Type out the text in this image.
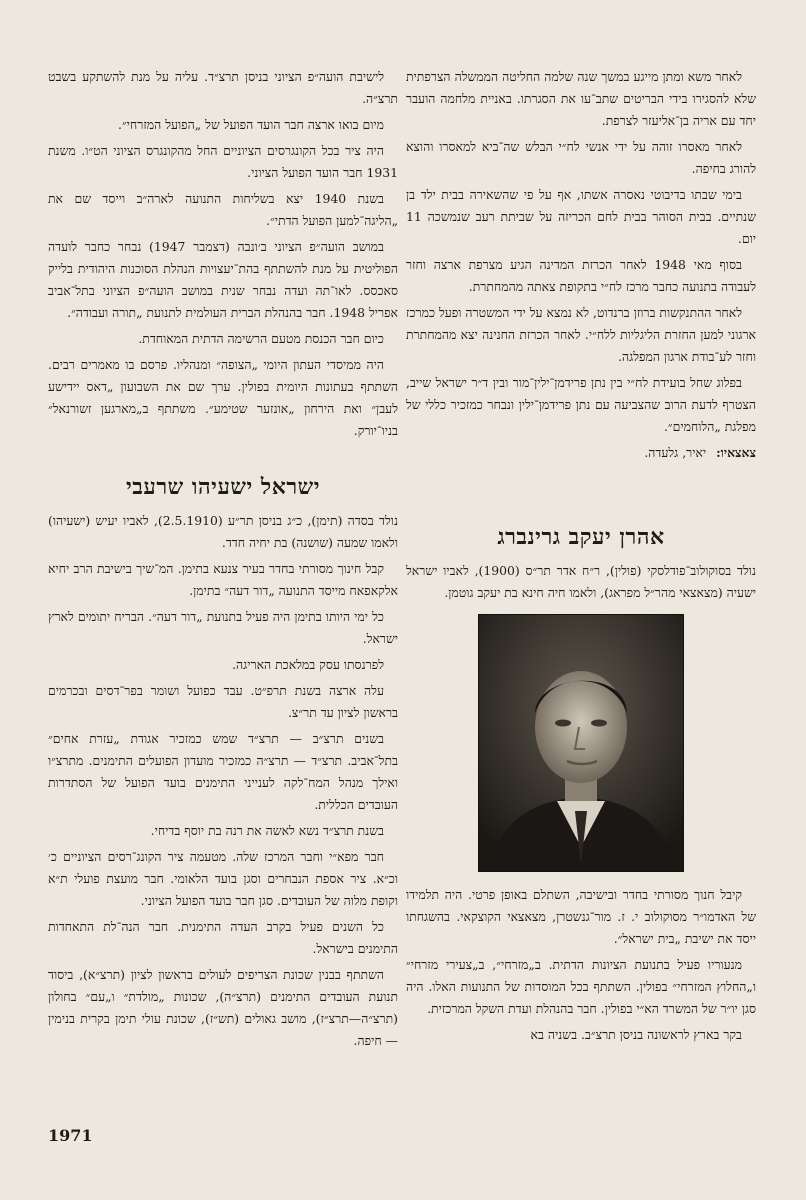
לאחר משא ומתן מייגע במשך שנה שלמה החליטה הממשלה הצרפתית שלא להסגירו בידי הבריטים שתב־עו את הסגרתו. באניית מלחמה הועבר יחד עם אריה בן־אליעזר לצרפת.

לאחר מאסרו זוהה על ידי אנשי לח״י הבלש שה־ביא למאסרו והוצא להורג בחיפה.

בימי שבתו בדיבוטי נאסרה אשתו, אף על פי שהשאירה בבית ילד בן שנתיים. בבית הסוהר בבית לחם הכריזה על שביתת רעב שנמשכה 11 יום.

בסוף מאי 1948 לאחר הכרזת המדינה הגיע מצרפת ארצה וחזר לעבודה בתנועה כחבר מרכז לח״י בתקופת צאתה מהמחתרת.

לאחר ההתנקשות ברוזן ברנדוט, לא נמצא על ידי המשטרה ופעל כמרכז ארגוני למען החזרת הליגליות ללח״י. לאחר הכרזת החנינה יצא מהמחתרת וחזר לע־בודת ארגון המפלגה.

בפלוג שחל בועידת לח״י בין נתן פרידמן־ילין־מור ובין ד״ר ישראל שייב, הצטרף לדעת הרוב שהצביעה עם נתן פרידמן־ילין ונבחר כמזכיר כללי של מפלגת „הלוחמים״.

צאצאיו: יאיר, גלעדה.

אהרן יעקב גרינברג

נולד בסוקולוב־פודלסקי (פולין), ר״ח אדר תר״ס (1900), לאביו ישראל ישעיה (מצאצאי מהר״ל מפראג), ולאמו חיה חינא בת יעקב גוטמן.

קיבל חנוך מסורתי בחדר ובישיבה, השתלם באופן פרטי. היה תלמידו של האדמו״ר מסוקולוב י. ז. מור־גנשטרן, מצאצאי הקוצקאי. בהשגחתו ייסד את ישיבת „בית ישראל״.

מנעוריו פעיל בתנועת הציונות הדתית. ב„מזרחי״, ב„צעירי מזרחי״ ו„החלוץ המזרחי״ בפולין. השתתף בכל המוסדות של התנועות האלו. היה סגן יו״ר של המשרד הא״י בפולין. חבר בהנהלת ועדת השקל המרכזית.

בקר בארץ לראשונה בניסן תרצ״ב. בשניה בא

לישיבת הועה״פ הציוני בניסן תרצ״ד. עליה על מנת להשתקע בשבט תרצ״ה.

מיום בואו ארצה חבר הועד הפועל של „הפועל המזרחי״.

היה ציר בכל הקונגרסים הציוניים החל מהקונגרס הציוני הט״ו. משנת 1931 חבר הועד הפועל הציוני.

בשנת 1940 יצא בשליחות התנועה לארה״ב וייסד שם את „הליגה־למען הפועל הדתי״.

במושב הועה״פ הציוני ב׳ונבה (דצמבר 1947) נבחר כחבר לועדה הפוליטית על מנת להשתתף בהת־יעצויות הנהלת הסוכנות היהודית בלייק סאכסס. לאו־תה ועדה נבחר שנית במושב הועה״פ הציוני בתל־אביב אפריל 1948. חבר בהנהלת הברית העולמית לתנועת „תורה ועבודה״.

כיום חבר הכנסת מטעם הרשימה הדתית המאוחדת.

היה ממיסדי העתון היומי „הצופה״ ומנהליו. פרסם בו מאמרים רבים. השתתף בעתונות היומית בפולין. ערך שם את השבועון „דאס יידישע לעבן״ ואת הירחון „אונזער שטימע״. משתתף ב„מארגען זשורנאל״ בניו־יורק.

ישראל ישעיהו שרעבי

נולד בסדה (תימן), כ״ג בניסן תר״ע (2.5.1910), לאביו יעיש (ישעיהו) ולאמו שמעה (שושנה) בת יחיה חדד.

קבל חינוך מסורתי בחדר בעיר צנעא בתימן. המ־שיך בישיבת הרב יחיא אלקאפאח מייסד התנועה „דור דעה״ בתימן.

כל ימי היותו בתימן היה פעיל בתנועת „דור דעה״. הבריח יתומים לארץ ישראל.

לפרנסתו עסק במלאכת האריגה.

עלה ארצה בשנת תרפ״ט. עבד כפועל ושומר בפר־דסים ובכרמים בראשון לציון עד תר״צ.

בשנים תרצ״ב — תרצ״ד שמש כמזכיר אגודת „עזרת אחים״ בתל־אביב. תרצ״ד — תרצ״ה כמזכיר מועדון הפועלים התימנים. מתרצ״ו ואילך מנהל המח־לקה לענייני התימנים בועד הפועל של הסתדרות העובדים הכללית.

בשנת תרצ״ד נשא לאשה את רנה בת יוסף בדיחי.

חבר מפא״י וחבר המרכז שלה. מטעמה ציר הקונג־רסים הציוניים כ׳ וכ״א. ציר אספת הנבחרים וסגן בועד הלאומי. חבר מועצת פועלי ת״א וקופת מלוה של העובדים. סגן חבר בועד הפועל הציוני.

כל השנים פעיל בקרב העדה התימנית. חבר הנה־לת התאחדות התימנים בישראל.

השתתף בבנין שכונת הצריפים לעולים בראשון לציון (תרצ״א), ביסוד תנועת העובדים התימנים (תרצ״ה), שכונות „מולדת״ ו„עם״ בחולון (תרצ״ה—תרצ״ז), מושב גאולים (תש״ז), שכונת עולי תימן בקרית בנימין — חיפה.

1971
